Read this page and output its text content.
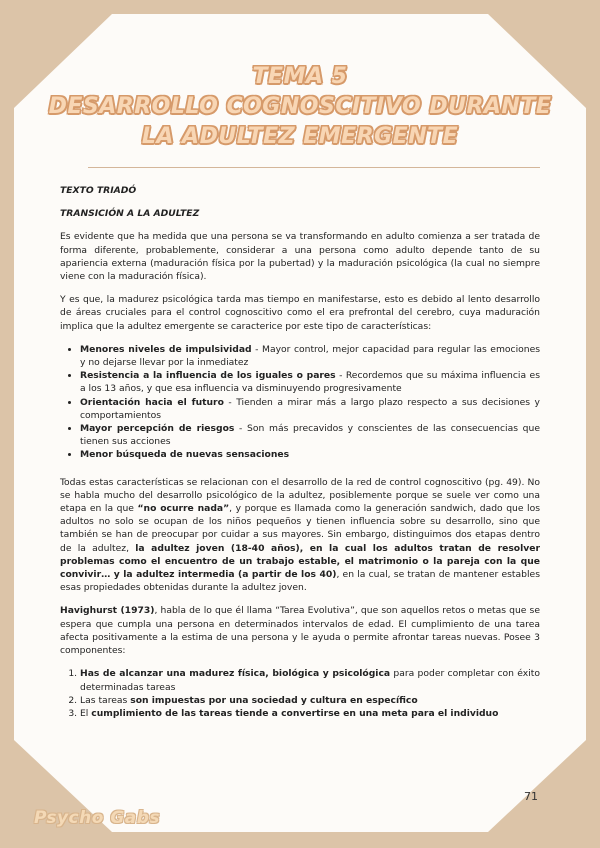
TEMA 5
DESARROLLO COGNOSCITIVO DURANTE
LA ADULTEZ EMERGENTE

TEXTO TRIADÓ

TRANSICIÓN A LA ADULTEZ

Es evidente que ha medida que una persona se va transformando en adulto comienza a ser tratada de forma diferente, probablemente, considerar a una persona como adulto depende tanto de su apariencia externa (maduración física por la pubertad) y la maduración psicológica (la cual no siempre viene con la maduración física).

Y es que, la madurez psicológica tarda mas tiempo en manifestarse, esto es debido al lento desarrollo de áreas cruciales para el control cognoscitivo como el era prefrontal del cerebro, cuya maduración implica que la adultez emergente se caracterice por este tipo de características:

• Menores niveles de impulsividad - Mayor control, mejor capacidad para regular las emociones y no dejarse llevar por la inmediatez
• Resistencia a la influencia de los iguales o pares - Recordemos que su máxima influencia es a los 13 años, y que esa influencia va disminuyendo progresivamente
• Orientación hacia el futuro - Tienden a mirar más a largo plazo respecto a sus decisiones y comportamientos
• Mayor percepción de riesgos - Son más precavidos y conscientes de las consecuencias que tienen sus acciones
• Menor búsqueda de nuevas sensaciones

Todas estas características se relacionan con el desarrollo de la red de control cognoscitivo (pg. 49). No se habla mucho del desarrollo psicológico de la adultez, posiblemente porque se suele ver como una etapa en la que “no ocurre nada”, y porque es llamada como la generación sandwich, dado que los adultos no solo se ocupan de los niños pequeños y tienen influencia sobre su desarrollo, sino que también se han de preocupar por cuidar a sus mayores. Sin embargo, distinguimos dos etapas dentro de la adultez, la adultez joven (18-40 años), en la cual los adultos tratan de resolver problemas como el encuentro de un trabajo estable, el matrimonio o la pareja con la que convivir… y la adultez intermedia (a partir de los 40), en la cual, se tratan de mantener estables esas propiedades obtenidas durante la adultez joven.

Havighurst (1973), habla de lo que él llama “Tarea Evolutiva”, que son aquellos retos o metas que se espera que cumpla una persona en determinados intervalos de edad. El cumplimiento de una tarea afecta positivamente a la estima de una persona y le ayuda o permite afrontar tareas nuevas. Posee 3 componentes:

1. Has de alcanzar una madurez física, biológica y psicológica para poder completar con éxito determinadas tareas
2. Las tareas son impuestas por una sociedad y cultura en específico
3. El cumplimiento de las tareas tiende a convertirse en una meta para el individuo
71
Psycho Gabs
